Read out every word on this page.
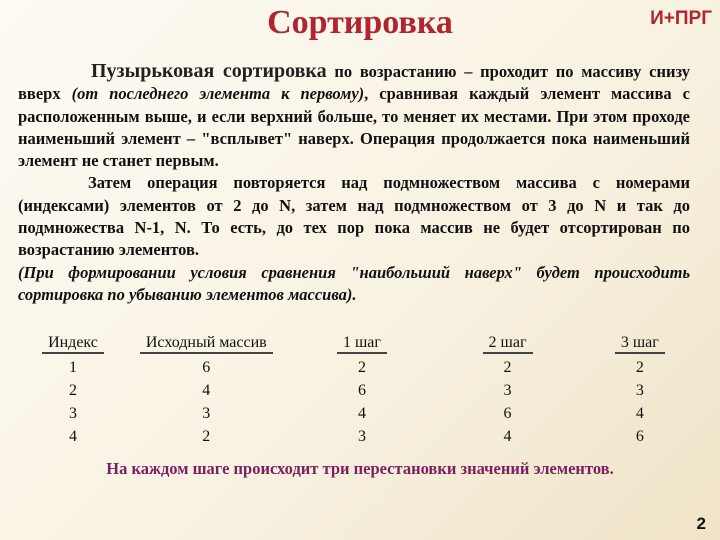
Сортировка	И+ПРГ
Пузырьковая сортировка по возрастанию – проходит по массиву снизу вверх (от последнего элемента к первому), сравнивая каждый элемент массива с расположенным выше, и если верхний больше, то меняет их местами. При этом проходе наименьший элемент – "всплывет" наверх. Операция продолжается пока наименьший элемент не станет первым.
Затем операция повторяется над подмножеством массива с номерами (индексами) элементов от 2 до N, затем над подмножеством от 3 до N и так до подмножества N-1, N. То есть, до тех пор пока массив не будет отсортирован по возрастанию элементов.
(При формировании условия сравнения "наибольший наверх" будет происходить сортировка по убыванию элементов массива).
Индекс	Исходный массив	1 шаг	2 шаг	3 шаг
1	6	2	2	2
2	4	6	3	3
3	3	4	6	4
4	2	3	4	6
На каждом шаге происходит три перестановки значений элементов.
2
